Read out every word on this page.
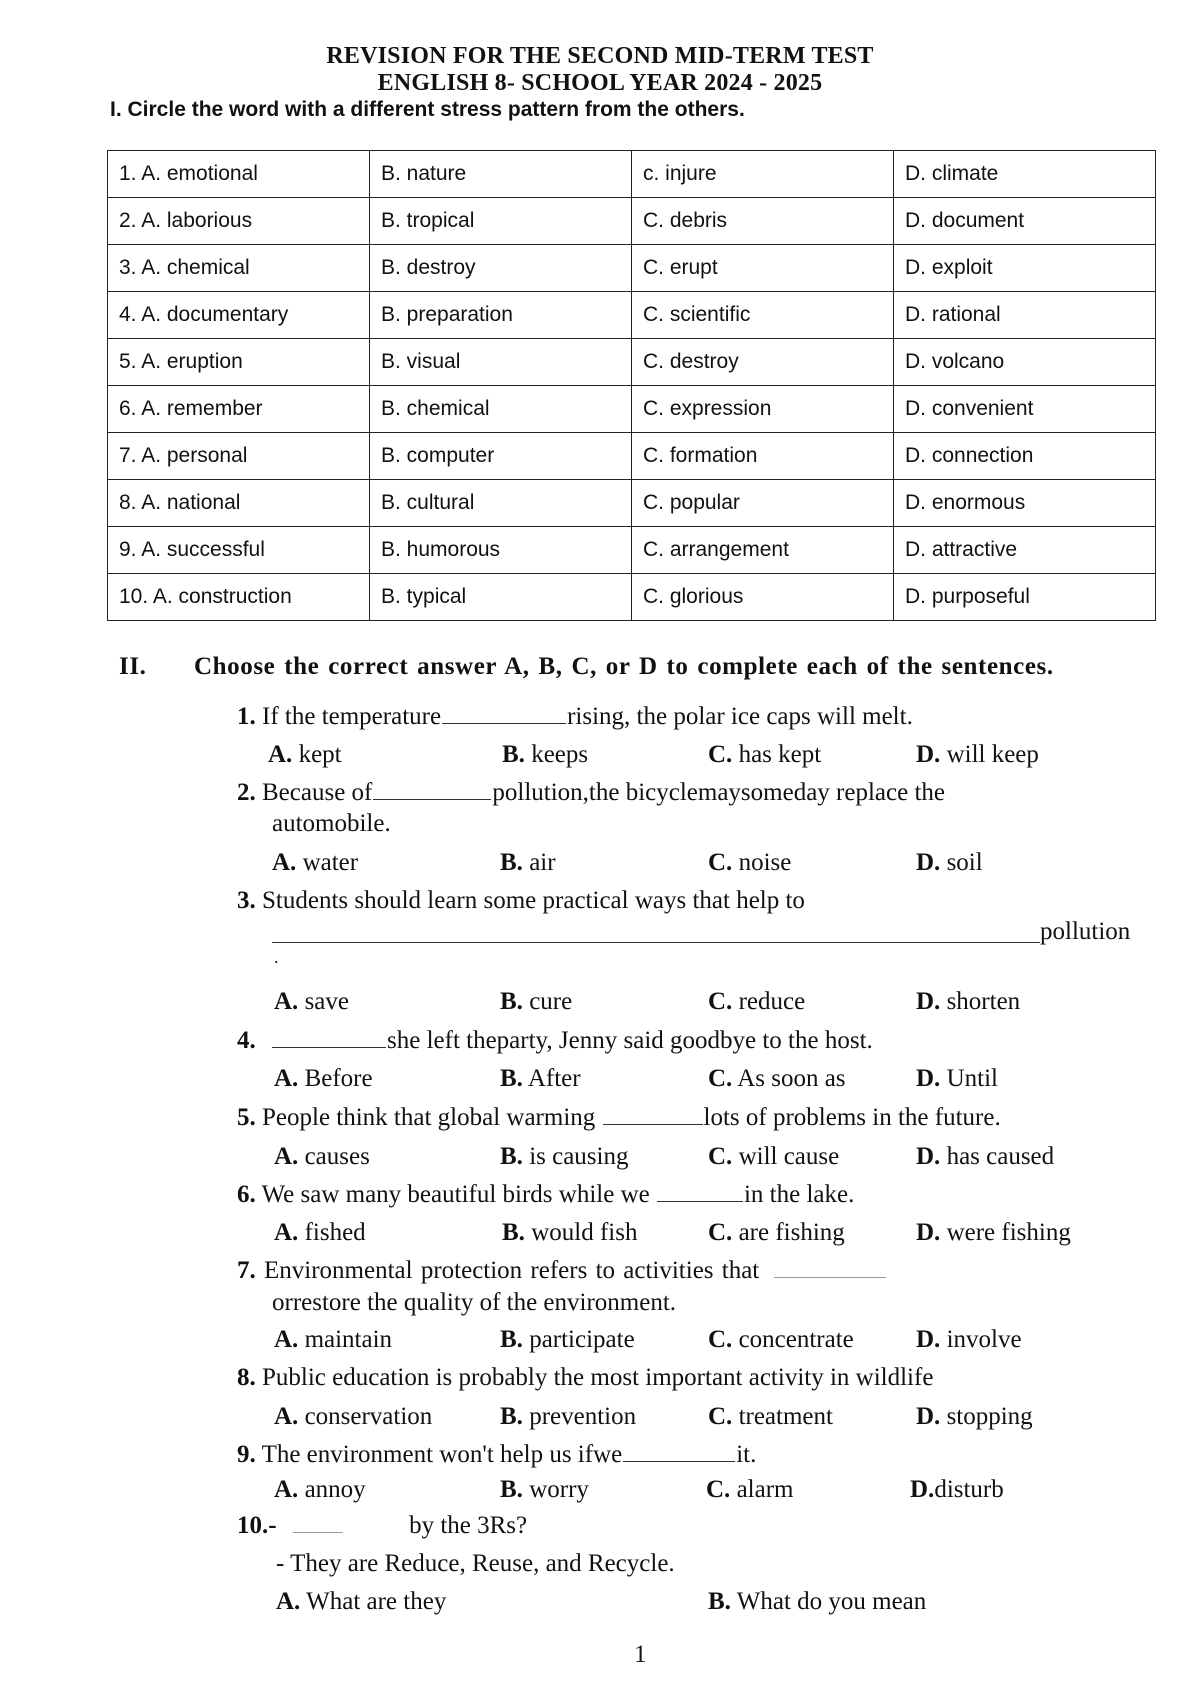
REVISION FOR THE SECOND MID-TERM TEST
ENGLISH 8- SCHOOL YEAR 2024 - 2025
I. Circle the word with a different stress pattern from the others.
1. A. emotional	B. nature	c. injure	D. climate
2. A. laborious	B. tropical	C. debris	D. document
3. A. chemical	B. destroy	C. erupt	D. exploit
4. A. documentary	B. preparation	C. scientific	D. rational
5. A. eruption	B. visual	C. destroy	D. volcano
6. A. remember	B. chemical	C. expression	D. convenient
7. A. personal	B. computer	C. formation	D. connection
8. A. national	B. cultural	C. popular	D. enormous
9. A. successful	B. humorous	C. arrangement	D. attractive
10. A. construction	B. typical	C. glorious	D. purposeful
II. Choose the correct answer A, B, C, or D to complete each of the sentences.
1. If the temperature	rising, the polar ice caps will melt.
A. kept	B. keeps	C. has kept	D. will keep
2. Because of	pollution,the bicyclemaysomeday replace the
automobile.
A. water	B. air	C. noise	D. soil
3. Students should learn some practical ways that help to
pollution
.
A. save	B. cure	C. reduce	D. shorten
4.	she left theparty, Jenny said goodbye to the host.
A. Before	B. After	C. As soon as	D. Until
5. People think that global warming	lots of problems in the future.
A. causes	B. is causing	C. will cause	D. has caused
6. We saw many beautiful birds while we	in the lake.
A. fished	B. would fish	C. are fishing	D. were fishing
7. Environmental protection refers to activities that
orrestore the quality of the environment.
A. maintain	B. participate	C. concentrate D. involve
8. Public education is probably the most important activity in wildlife
A. conservation	B. prevention	C. treatment	D. stopping
9. The environment won't help us ifwe	it.
A. annoy	B. worry	C. alarm	D.disturb
10.-	by the 3Rs?
- They are Reduce, Reuse, and Recycle.
A. What are they	B. What do you mean
1
